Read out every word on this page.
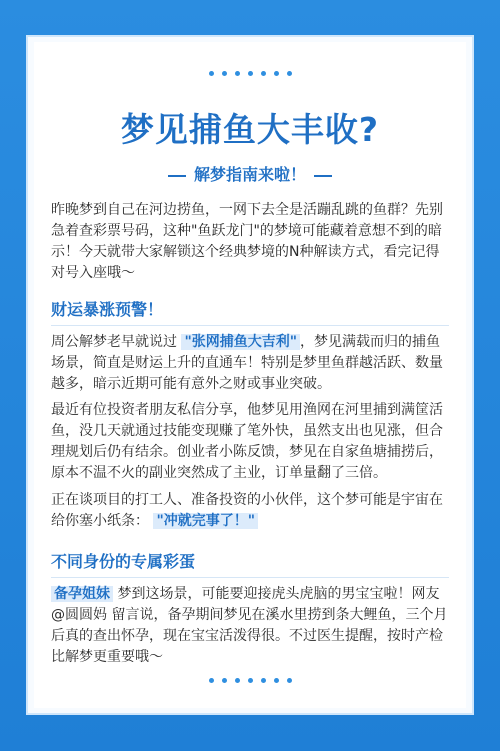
梦见捕鱼大丰收?
解梦指南来啦！
昨晚梦到自己在河边捞鱼，一网下去全是活蹦乱跳的鱼群？先别急着查彩票号码，这种"鱼跃龙门"的梦境可能藏着意想不到的暗示！今天就带大家解锁这个经典梦境的N种解读方式，看完记得对号入座哦～
财运暴涨预警！
周公解梦老早就说过 "张网捕鱼大吉利" ，梦见满载而归的捕鱼场景，简直是财运上升的直通车！特别是梦里鱼群越活跃、数量越多，暗示近期可能有意外之财或事业突破。
最近有位投资者朋友私信分享，他梦见用渔网在河里捕到满筐活鱼，没几天就通过技能变现赚了笔外快，虽然支出也见涨，但合理规划后仍有结余。创业者小陈反馈，梦见在自家鱼塘捕捞后，原本不温不火的副业突然成了主业，订单量翻了三倍。
正在谈项目的打工人、准备投资的小伙伴，这个梦可能是宇宙在给你塞小纸条： "冲就完事了！"
不同身份的专属彩蛋
备孕姐妹 梦到这场景，可能要迎接虎头虎脑的男宝宝啦！网友@圆圆妈 留言说，备孕期间梦见在溪水里捞到条大鲤鱼，三个月后真的查出怀孕，现在宝宝活泼得很。不过医生提醒，按时产检比解梦更重要哦～
